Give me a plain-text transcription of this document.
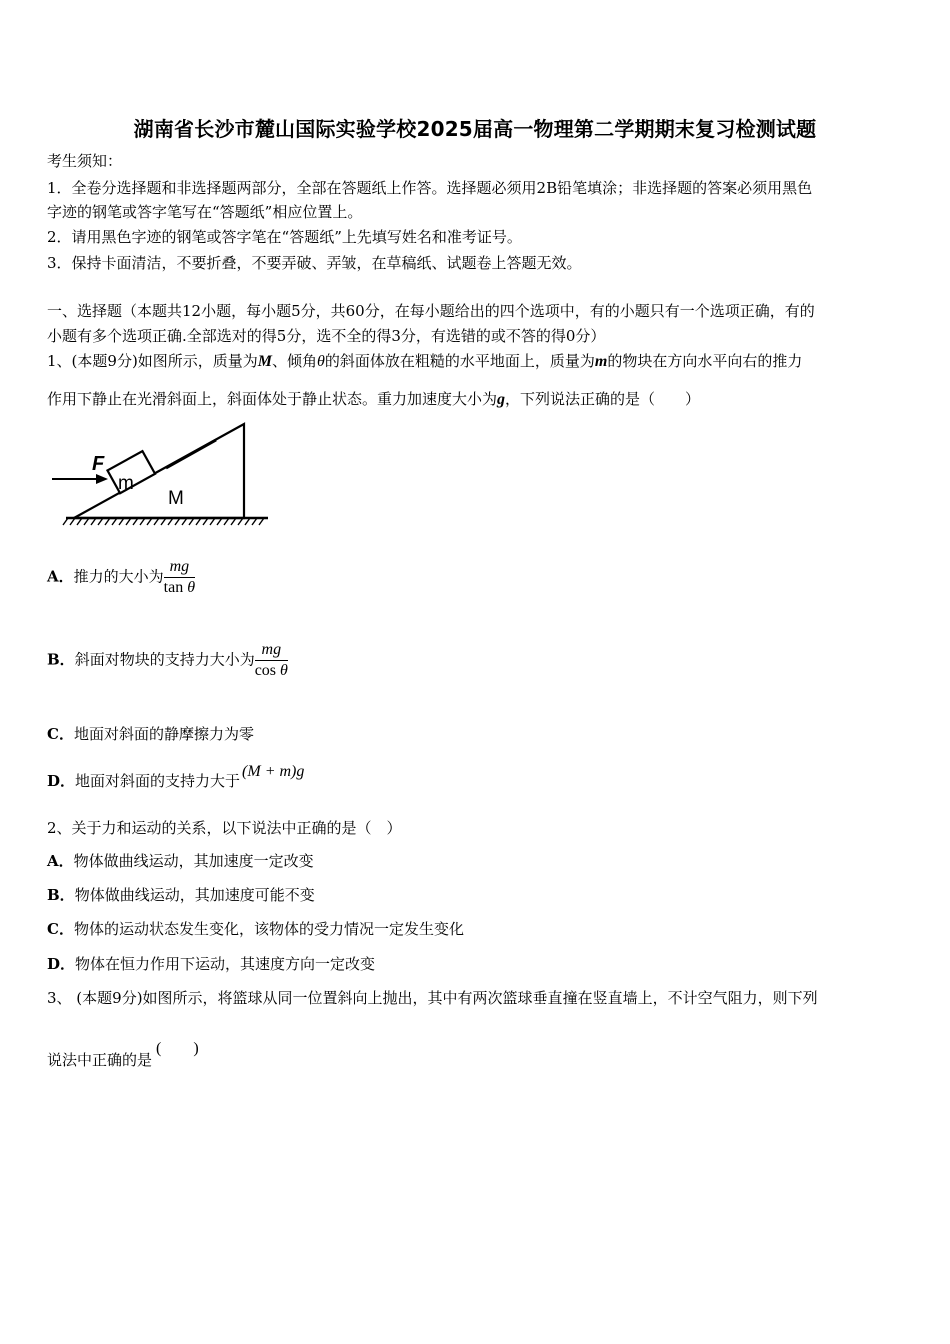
湖南省长沙市麓山国际实验学校2025届高一物理第二学期期末复习检测试题
考生须知：
1．全卷分选择题和非选择题两部分，全部在答题纸上作答。选择题必须用2B铅笔填涂；非选择题的答案必须用黑色
字迹的钢笔或答字笔写在“答题纸”相应位置上。
2．请用黑色字迹的钢笔或答字笔在“答题纸”上先填写姓名和准考证号。
3．保持卡面清洁，不要折叠，不要弄破、弄皱，在草稿纸、试题卷上答题无效。
一、选择题（本题共12小题，每小题5分，共60分，在每小题给出的四个选项中，有的小题只有一个选项正确，有的
小题有多个选项正确.全部选对的得5分，选不全的得3分，有选错的或不答的得0分）
1、(本题9分)如图所示，质量为M、倾角θ的斜面体放在粗糙的水平地面上，质量为m的物块在方向水平向右的推力
作用下静止在光滑斜面上，斜面体处于静止状态。重力加速度大小为g，下列说法正确的是（　　）
m
M
F
A．推力的大小为 $\frac{mg}{\text{tan θ}}$
B．斜面对物块的支持力大小为 $\frac{mg}{\text{cos θ}}$
C．地面对斜面的静摩擦力为零
D．地面对斜面的支持力大于(M + m)g
2、关于力和运动的关系，以下说法中正确的是（　）
A．物体做曲线运动，其加速度一定改变
B．物体做曲线运动，其加速度可能不变
C．物体的运动状态发生变化，该物体的受力情况一定发生变化
D．物体在恒力作用下运动，其速度方向一定改变
3、 (本题9分)如图所示，将篮球从同一位置斜向上抛出，其中有两次篮球垂直撞在竖直墙上，不计空气阻力，则下列
说法中正确的是(　　)
